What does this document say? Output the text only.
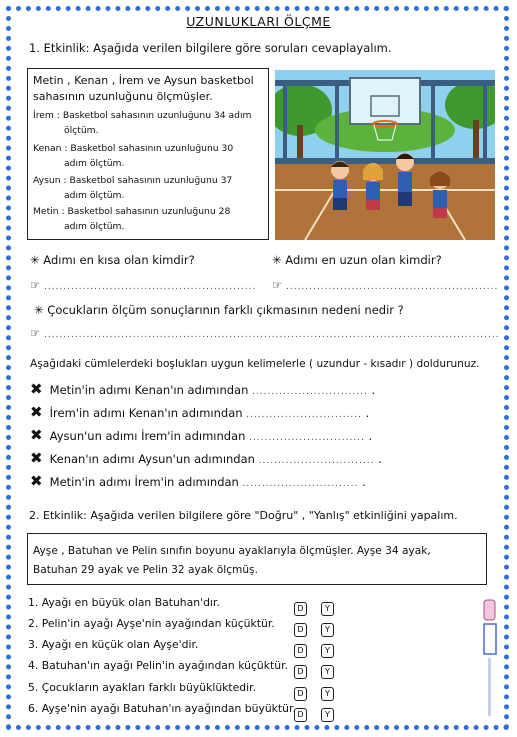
UZUNLUKLARI ÖLÇME
1. Etkinlik: Aşağıda verilen bilgilere göre soruları cevaplayalım.
Metin , Kenan , İrem ve Aysun basketbol
sahasının uzunluğunu ölçmüşler.
İrem : Basketbol sahasının uzunluğunu 34 adım
ölçtüm.
Kenan : Basketbol sahasının uzunluğunu 30
adım ölçtüm.
Aysun : Basketbol sahasının uzunluğunu 37
adım ölçtüm.
Metin : Basketbol sahasının uzunluğunu 28
adım ölçtüm.
✳ Adımı en kısa olan kimdir?	✳ Adımı en uzun olan kimdir?
☞ ....................................................... ☞ .......................................................
✳ Çocukların ölçüm sonuçlarının farklı çıkmasının nedeni nedir ?
☞ ......................................................................................................................
Aşağıdaki cümlelerdeki boşlukları uygun kelimelerle ( uzundur - kısadır ) doldurunuz.
✖ Metin'in adımı Kenan'ın adımından .............................. .
✖ İrem'in adımı Kenan'ın adımından .............................. .
✖ Aysun'un adımı İrem'in adımından .............................. .
✖ Kenan'ın adımı Aysun'un adımından .............................. .
✖ Metin'in adımı İrem'in adımından .............................. .
2. Etkinlik: Aşağıda verilen bilgilere göre "Doğru" , "Yanlış" etkinliğini yapalım.
Ayşe , Batuhan ve Pelin sınıfın boyunu ayaklarıyla ölçmüşler. Ayşe 34 ayak,
Batuhan 29 ayak ve Pelin 32 ayak ölçmüş.
1. Ayağı en büyük olan Batuhan'dır.
2. Pelin'in ayağı Ayşe'nin ayağından küçüktür.
3. Ayağı en küçük olan Ayşe'dir.
4. Batuhan'ın ayağı Pelin'in ayağından küçüktür.
5. Çocukların ayakları farklı büyüklüktedir.
6. Ayşe'nin ayağı Batuhan'ın ayağından büyüktür.
D	Y
D	Y
D	Y
D	Y
D	Y
D	Y
